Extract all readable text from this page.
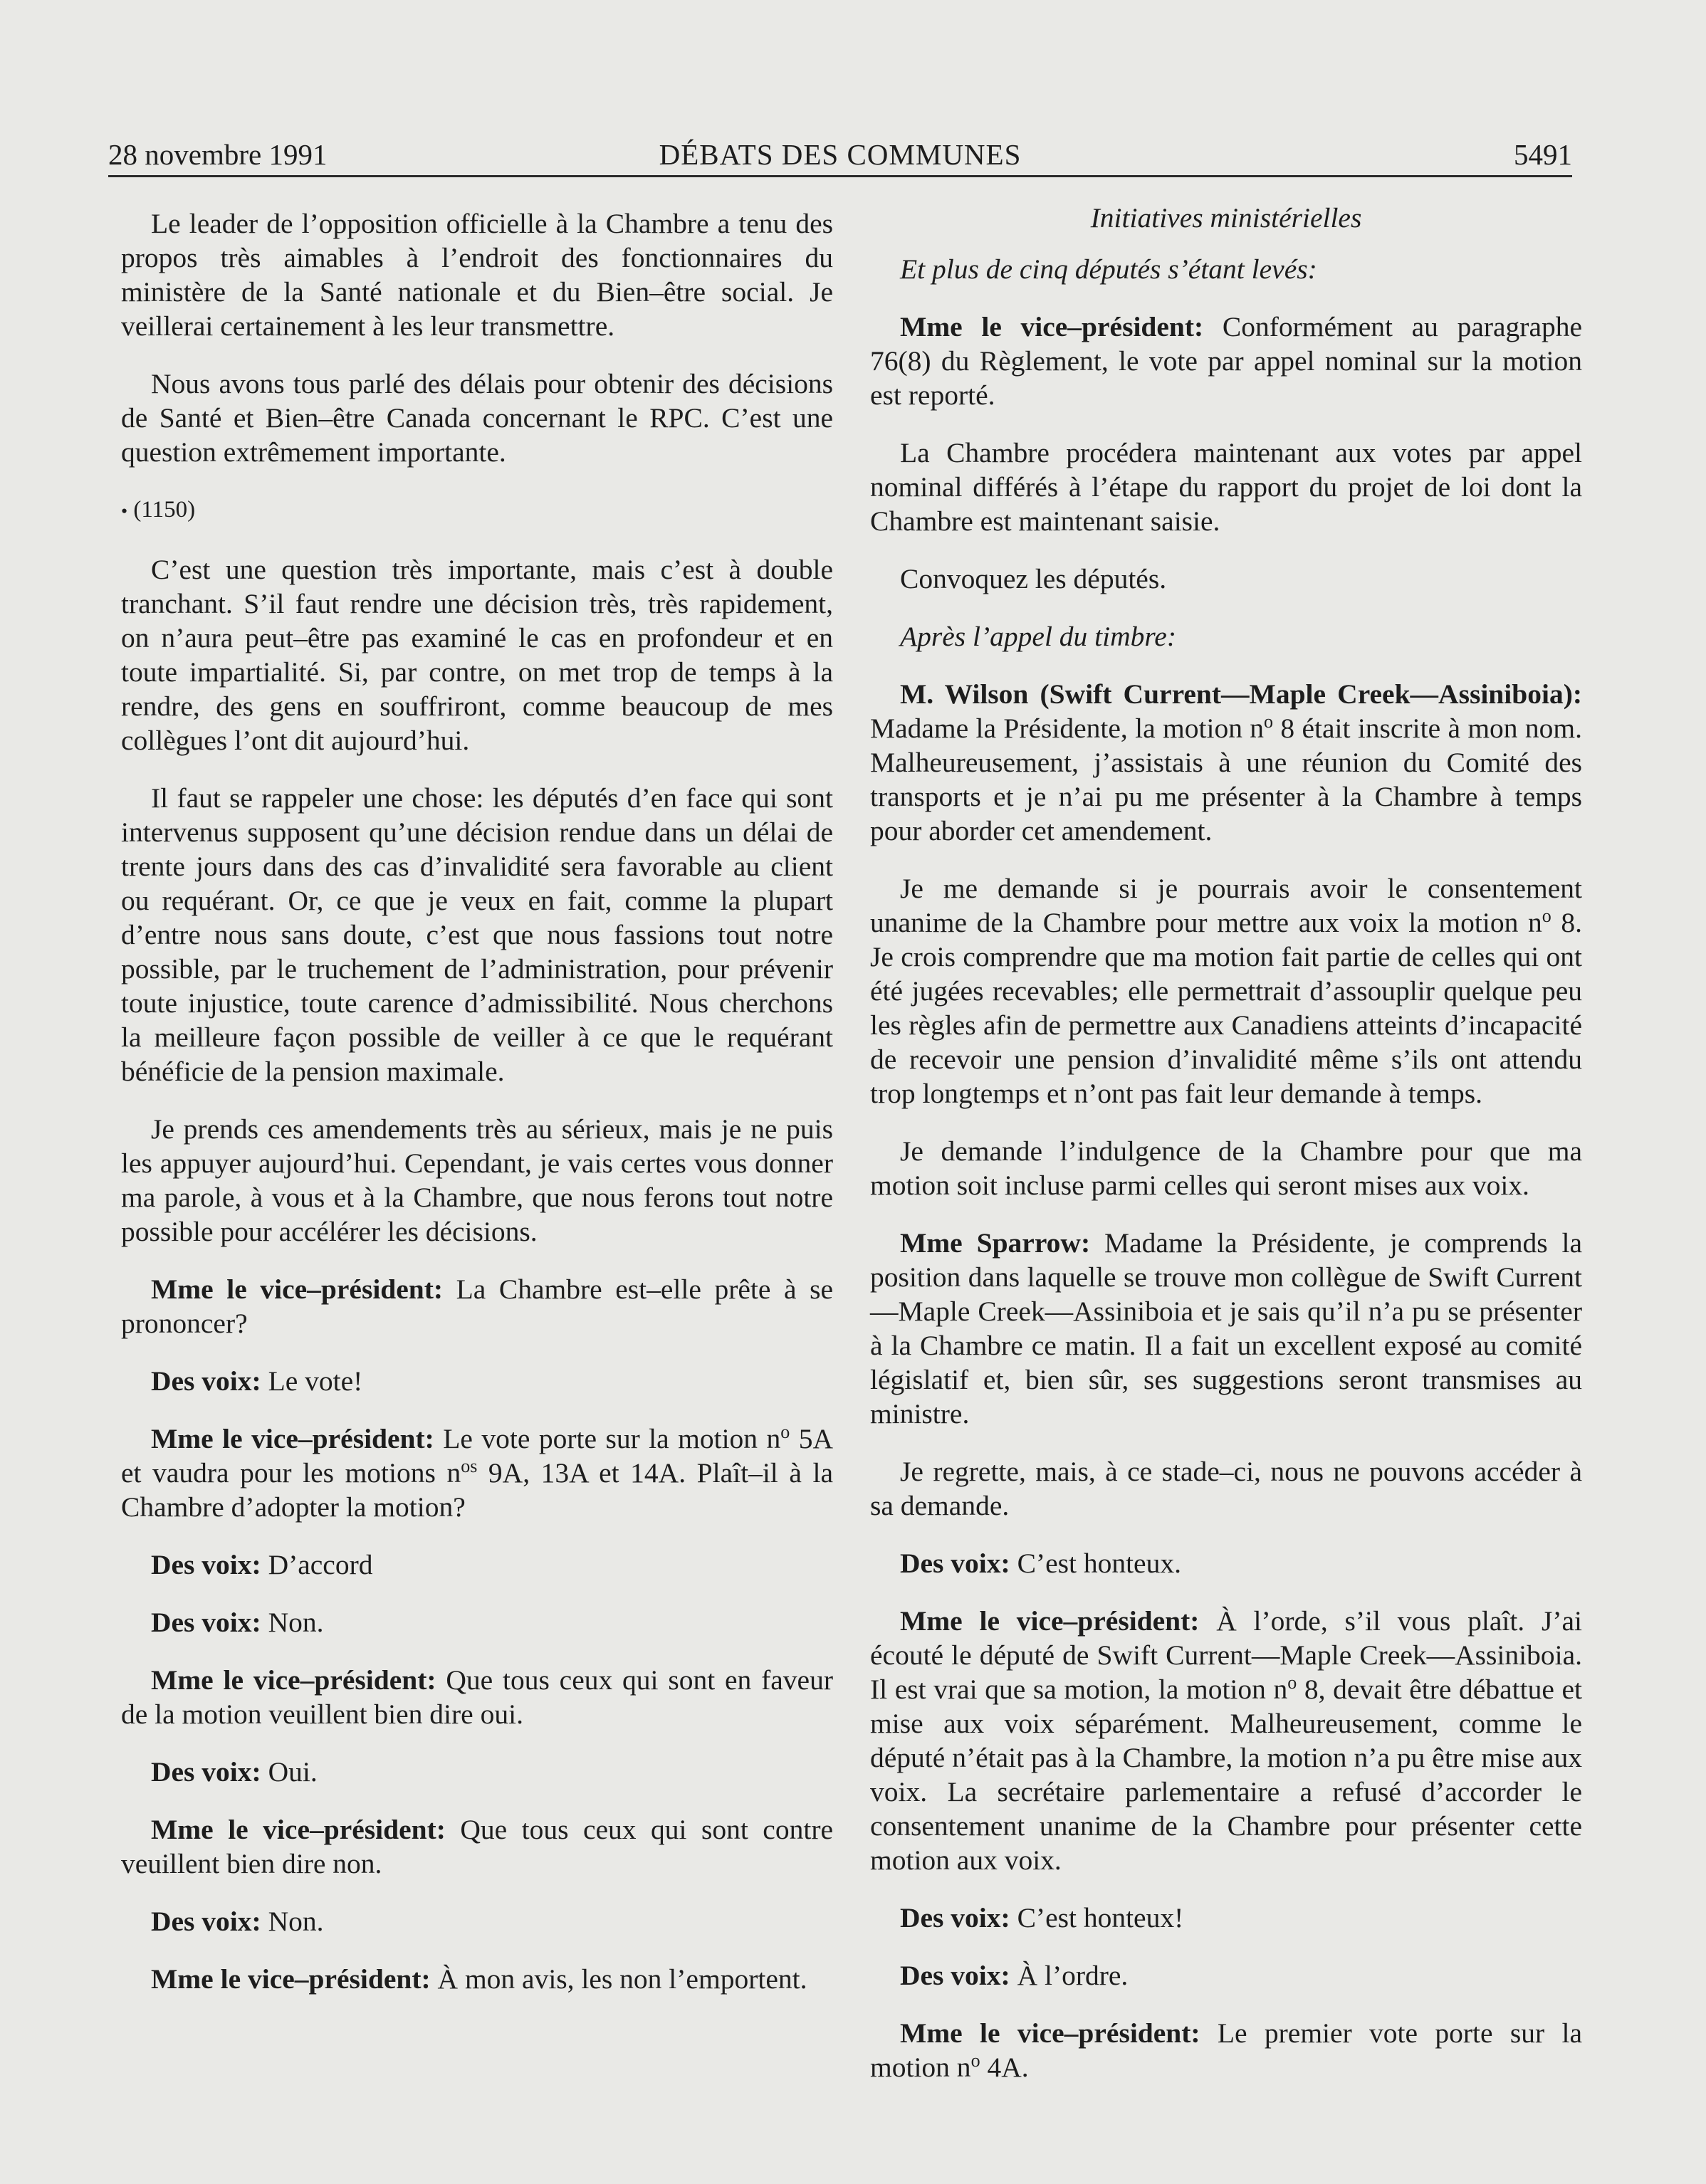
28 novembre 1991	DÉBATS DES COMMUNES	5491

Le leader de l’opposition officielle à la Chambre a tenu des propos très aimables à l’endroit des fonctionnaires du ministère de la Santé nationale et du Bien–être social. Je veillerai certainement à les leur transmettre.

Nous avons tous parlé des délais pour obtenir des décisions de Santé et Bien–être Canada concernant le RPC. C’est une question extrêmement importante.

• (1150)

C’est une question très importante, mais c’est à double tranchant. S’il faut rendre une décision très, très rapidement, on n’aura peut–être pas examiné le cas en profondeur et en toute impartialité. Si, par contre, on met trop de temps à la rendre, des gens en souffriront, comme beaucoup de mes collègues l’ont dit aujourd’hui.

Il faut se rappeler une chose: les députés d’en face qui sont intervenus supposent qu’une décision rendue dans un délai de trente jours dans des cas d’invalidité sera favorable au client ou requérant. Or, ce que je veux en fait, comme la plupart d’entre nous sans doute, c’est que nous fassions tout notre possible, par le truchement de l’administration, pour prévenir toute injustice, toute carence d’admissibilité. Nous cherchons la meilleure façon possible de veiller à ce que le requérant bénéficie de la pension maximale.

Je prends ces amendements très au sérieux, mais je ne puis les appuyer aujourd’hui. Cependant, je vais certes vous donner ma parole, à vous et à la Chambre, que nous ferons tout notre possible pour accélérer les décisions.

Mme le vice–président: La Chambre est–elle prête à se prononcer?

Des voix: Le vote!

Mme le vice–président: Le vote porte sur la motion $n^o$ 5A et vaudra pour les motions $n^{os}$ 9A, 13A et 14A. Plaît–il à la Chambre d’adopter la motion?

Des voix: D’accord

Des voix: Non.

Mme le vice–président: Que tous ceux qui sont en faveur de la motion veuillent bien dire oui.

Des voix: Oui.

Mme le vice–président: Que tous ceux qui sont contre veuillent bien dire non.

Des voix: Non.

Mme le vice–président: À mon avis, les non l’emportent.

Initiatives ministérielles

Et plus de cinq députés s’étant levés:

Mme le vice–président: Conformément au paragraphe 76(8) du Règlement, le vote par appel nominal sur la motion est reporté.

La Chambre procédera maintenant aux votes par appel nominal différés à l’étape du rapport du projet de loi dont la Chambre est maintenant saisie.

Convoquez les députés.

Après l’appel du timbre:

M. Wilson (Swift Current—Maple Creek—Assiniboia): Madame la Présidente, la motion $n^o$ 8 était inscrite à mon nom. Malheureusement, j’assistais à une réunion du Comité des transports et je n’ai pu me présenter à la Chambre à temps pour aborder cet amendement.

Je me demande si je pourrais avoir le consentement unanime de la Chambre pour mettre aux voix la motion $n^o$ 8. Je crois comprendre que ma motion fait partie de celles qui ont été jugées recevables; elle permettrait d’assouplir quelque peu les règles afin de permettre aux Canadiens atteints d’incapacité de recevoir une pension d’invalidité même s’ils ont attendu trop longtemps et n’ont pas fait leur demande à temps.

Je demande l’indulgence de la Chambre pour que ma motion soit incluse parmi celles qui seront mises aux voix.

Mme Sparrow: Madame la Présidente, je comprends la position dans laquelle se trouve mon collègue de Swift Current—Maple Creek—Assiniboia et je sais qu’il n’a pu se présenter à la Chambre ce matin. Il a fait un excellent exposé au comité législatif et, bien sûr, ses suggestions seront transmises au ministre.

Je regrette, mais, à ce stade–ci, nous ne pouvons accéder à sa demande.

Des voix: C’est honteux.

Mme le vice–président: À l’orde, s’il vous plaît. J’ai écouté le député de Swift Current—Maple Creek—Assiniboia. Il est vrai que sa motion, la motion $n^o$ 8, devait être débattue et mise aux voix séparément. Malheureusement, comme le député n’était pas à la Chambre, la motion n’a pu être mise aux voix. La secrétaire parlementaire a refusé d’accorder le consentement unanime de la Chambre pour présenter cette motion aux voix.

Des voix: C’est honteux!

Des voix: À l’ordre.

Mme le vice–président: Le premier vote porte sur la motion $n^o$ 4A.
